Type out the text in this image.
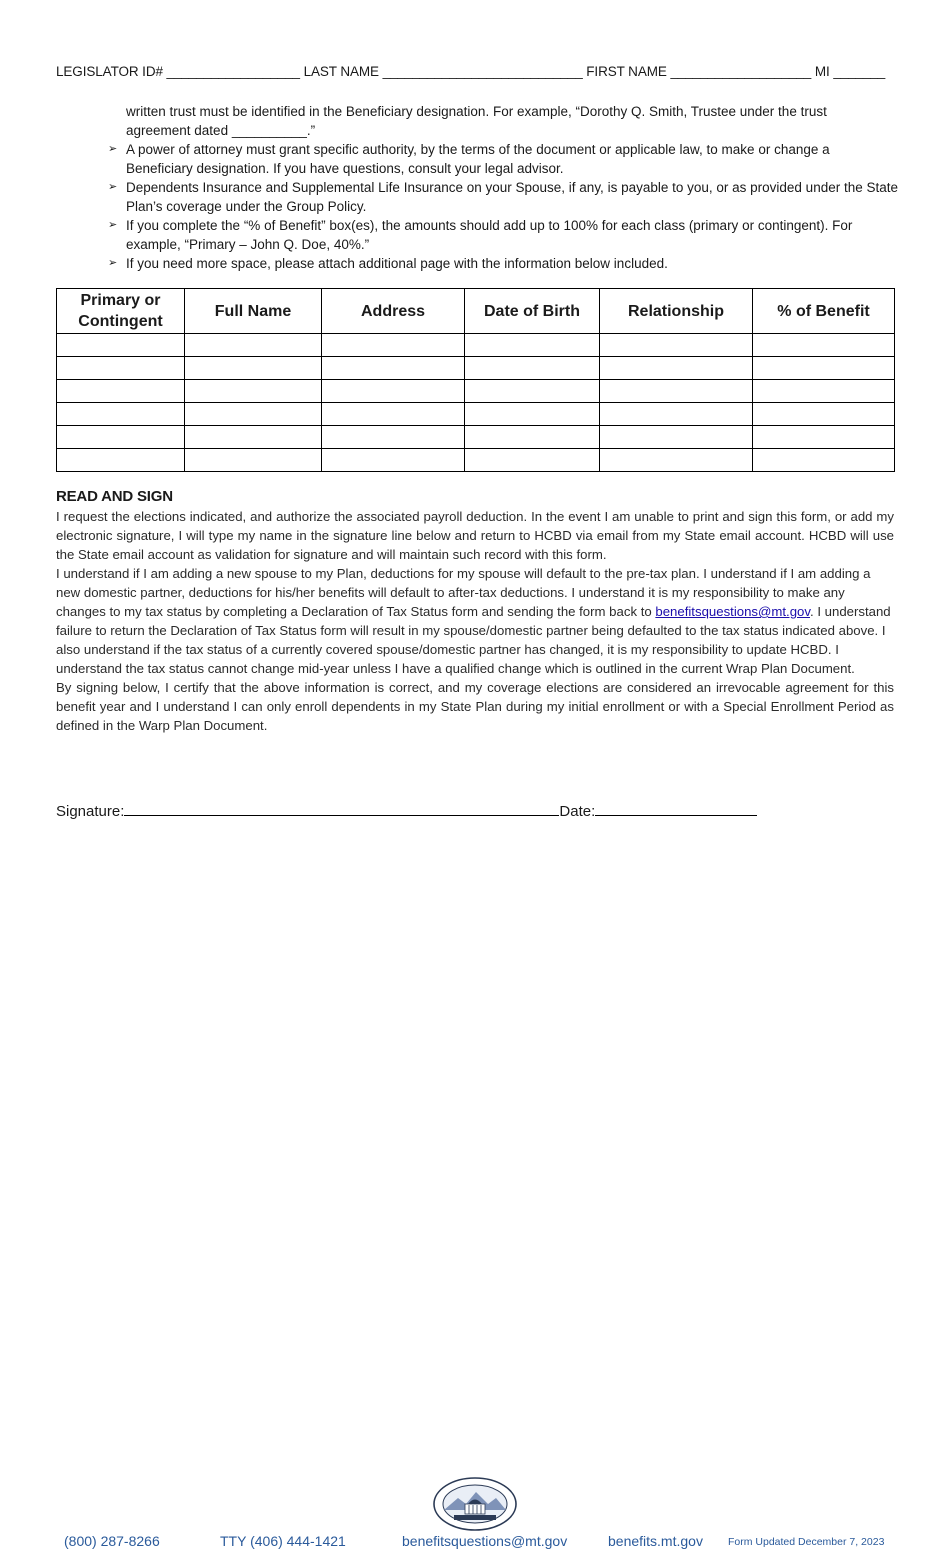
LEGISLATOR ID# __________________ LAST NAME ___________________________ FIRST NAME ___________________ MI _______
written trust must be identified in the Beneficiary designation. For example, “Dorothy Q. Smith, Trustee under the trust
agreement dated __________.”
➢ A power of attorney must grant specific authority, by the terms of the document or applicable law, to make or change a Beneficiary designation. If you have questions, consult your legal advisor.
➢ Dependents Insurance and Supplemental Life Insurance on your Spouse, if any, is payable to you, or as provided under the State Plan’s coverage under the Group Policy.
➢ If you complete the “% of Benefit” box(es), the amounts should add up to 100% for each class (primary or contingent). For example, “Primary – John Q. Doe, 40%.”
➢ If you need more space, please attach additional page with the information below included.
Primary or Contingent	Full Name	Address	Date of Birth	Relationship	% of Benefit

READ AND SIGN

I request the elections indicated, and authorize the associated payroll deduction. In the event I am unable to print and sign this form, or add my electronic signature, I will type my name in the signature line below and return to HCBD via email from my State email account. HCBD will use the State email account as validation for signature and will maintain such record with this form.

I understand if I am adding a new spouse to my Plan, deductions for my spouse will default to the pre-tax plan. I understand if I am adding a new domestic partner, deductions for his/her benefits will default to after-tax deductions. I understand it is my responsibility to make any changes to my tax status by completing a Declaration of Tax Status form and sending the form back to benefitsquestions@mt.gov. I understand failure to return the Declaration of Tax Status form will result in my spouse/domestic partner being defaulted to the tax status indicated above. I also understand if the tax status of a currently covered spouse/domestic partner has changed, it is my responsibility to update HCBD. I understand the tax status cannot change mid-year unless I have a qualified change which is outlined in the current Wrap Plan Document.

By signing below, I certify that the above information is correct, and my coverage elections are considered an irrevocable agreement for this benefit year and I understand I can only enroll dependents in my State Plan during my initial enrollment or with a Special Enrollment Period as defined in the Warp Plan Document.

Signature:	Date:
(800) 287-8266	TTY (406) 444-1421	benefitsquestions@mt.gov	benefits.mt.gov Form Updated December 7, 2023
